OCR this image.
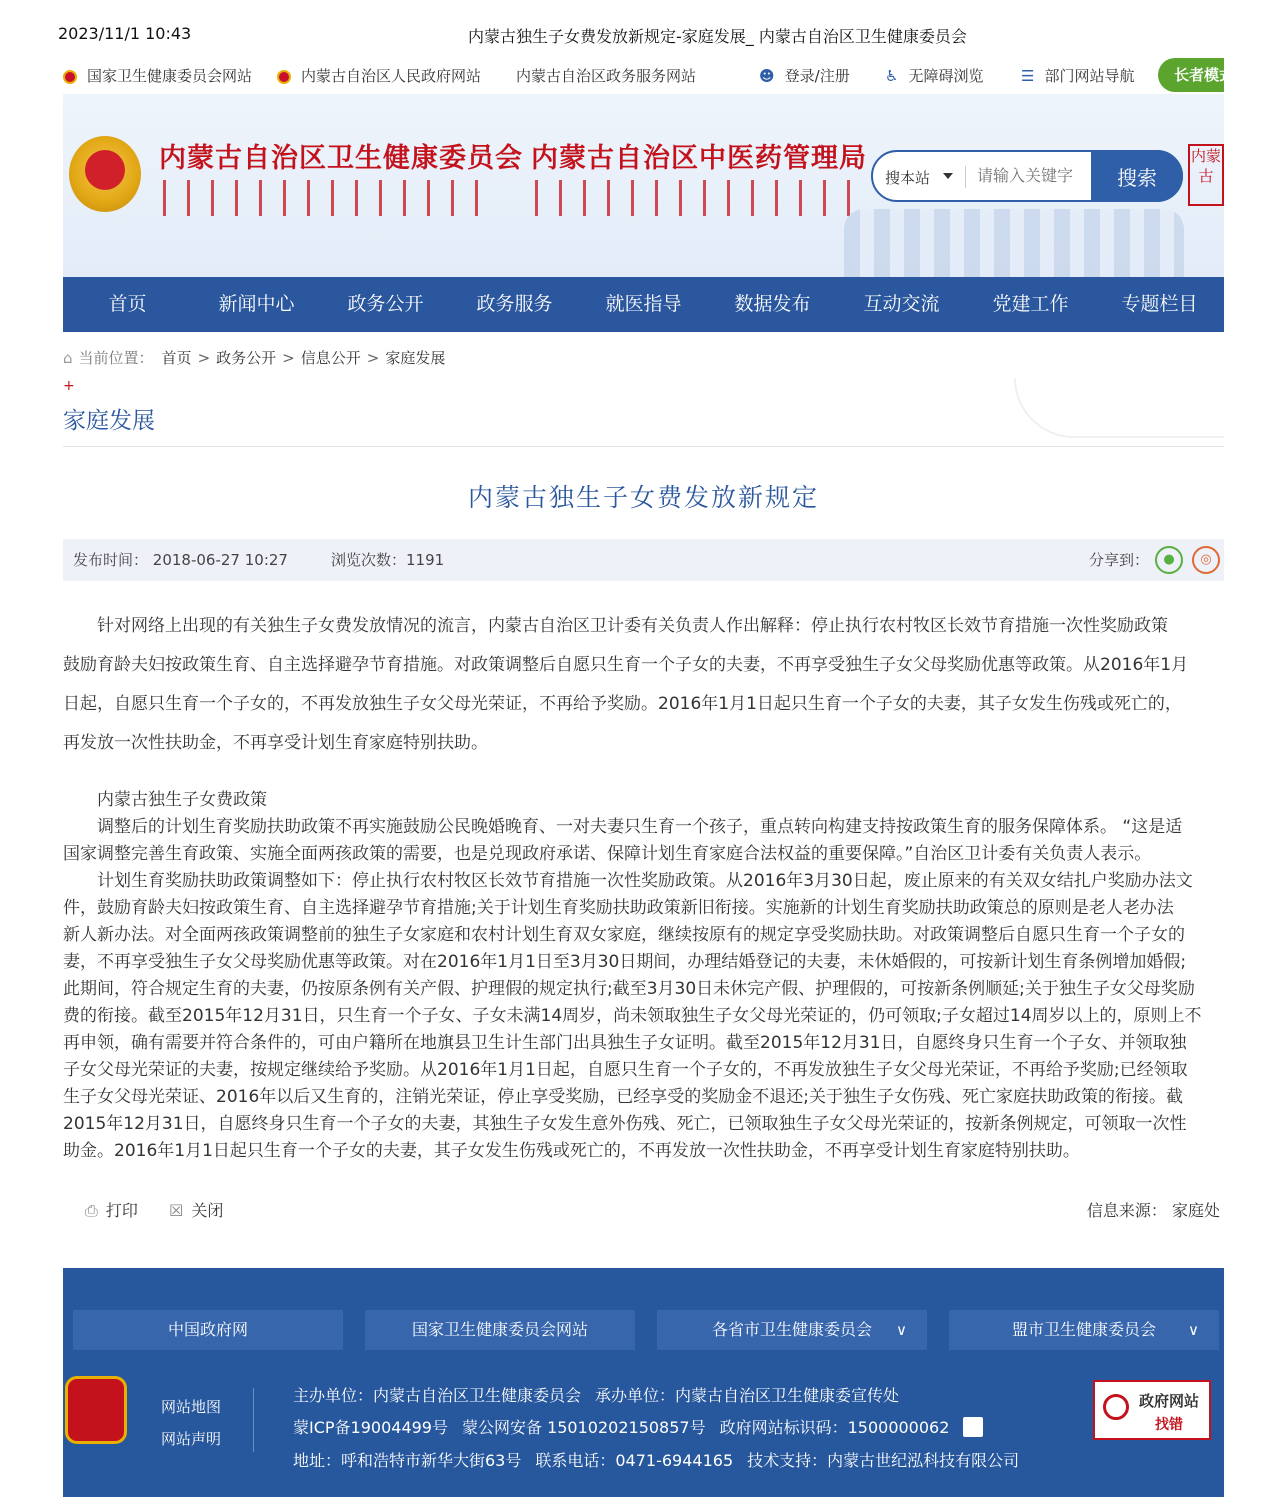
2023/11/1 10:43	内蒙古独生子女费发放新规定-家庭发展_ 内蒙古自治区卫生健康委员会
国家卫生健康委员会网站	内蒙古自治区人民政府网站 内蒙古自治区政务服务网站	☻ 登录/注册 ♿ 无障碍浏览	☰ 部门网站导航	长者模式
内蒙古自治区卫生健康委员会 内蒙古自治区中医药管理局
搜本站
请输入关键字	搜索
内蒙古
首页	新闻中心	政务公开	政务服务	就医指导	数据发布	互动交流	党建工作	专题栏目
⌂ 当前位置： 首页 > 政务公开 > 信息公开 > 家庭发展
+
家庭发展
内蒙古独生子女费发放新规定
发布时间： 2018-06-27 10:27	浏览次数：1191	分享到：	●	◎

　　针对网络上出现的有关独生子女费发放情况的流言，内蒙古自治区卫计委有关负责人作出解释：停止执行农村牧区长效节育措施一次性奖励政策

鼓励育龄夫妇按政策生育、自主选择避孕节育措施。对政策调整后自愿只生育一个子女的夫妻，不再享受独生子女父母奖励优惠等政策。从2016年1月

日起，自愿只生育一个子女的，不再发放独生子女父母光荣证，不再给予奖励。2016年1月1日起只生育一个子女的夫妻，其子女发生伤残或死亡的，

再发放一次性扶助金，不再享受计划生育家庭特别扶助。

　　内蒙古独生子女费政策

　　调整后的计划生育奖励扶助政策不再实施鼓励公民晚婚晚育、一对夫妻只生育一个孩子，重点转向构建支持按政策生育的服务保障体系。 “这是适

国家调整完善生育政策、实施全面两孩政策的需要，也是兑现政府承诺、保障计划生育家庭合法权益的重要保障。”自治区卫计委有关负责人表示。

　　计划生育奖励扶助政策调整如下：停止执行农村牧区长效节育措施一次性奖励政策。从2016年3月30日起，废止原来的有关双女结扎户奖励办法文

件，鼓励育龄夫妇按政策生育、自主选择避孕节育措施;关于计划生育奖励扶助政策新旧衔接。实施新的计划生育奖励扶助政策总的原则是老人老办法

新人新办法。对全面两孩政策调整前的独生子女家庭和农村计划生育双女家庭，继续按原有的规定享受奖励扶助。对政策调整后自愿只生育一个子女的

妻，不再享受独生子女父母奖励优惠等政策。对在2016年1月1日至3月30日期间，办理结婚登记的夫妻，未休婚假的，可按新计划生育条例增加婚假;

此期间，符合规定生育的夫妻，仍按原条例有关产假、护理假的规定执行;截至3月30日未休完产假、护理假的，可按新条例顺延;关于独生子女父母奖励

费的衔接。截至2015年12月31日，只生育一个子女、子女未满14周岁，尚未领取独生子女父母光荣证的，仍可领取;子女超过14周岁以上的，原则上不

再申领，确有需要并符合条件的，可由户籍所在地旗县卫生计生部门出具独生子女证明。截至2015年12月31日，自愿终身只生育一个子女、并领取独

子女父母光荣证的夫妻，按规定继续给予奖励。从2016年1月1日起，自愿只生育一个子女的，不再发放独生子女父母光荣证，不再给予奖励;已经领取

生子女父母光荣证、2016年以后又生育的，注销光荣证，停止享受奖励，已经享受的奖励金不退还;关于独生子女伤残、死亡家庭扶助政策的衔接。截

2015年12月31日，自愿终身只生育一个子女的夫妻，其独生子女发生意外伤残、死亡，已领取独生子女父母光荣证的，按新条例规定，可领取一次性

助金。2016年1月1日起只生育一个子女的夫妻，其子女发生伤残或死亡的，不再发放一次性扶助金，不再享受计划生育家庭特别扶助。

⎙ 打印 ☒ 关闭	信息来源： 家庭处
中国政府网	国家卫生健康委员会网站	各省市卫生健康委员会 ∨	盟市卫生健康委员会 ∨
网站地图
网站声明
主办单位：内蒙古自治区卫生健康委员会 承办单位：内蒙古自治区卫生健康委宣传处
蒙ICP备19004499号 蒙公网安备 15010202150857号 政府网站标识码：1500000062
地址：呼和浩特市新华大街63号 联系电话：0471-6944165 技术支持：内蒙古世纪泓科技有限公司
政府网站
找错
